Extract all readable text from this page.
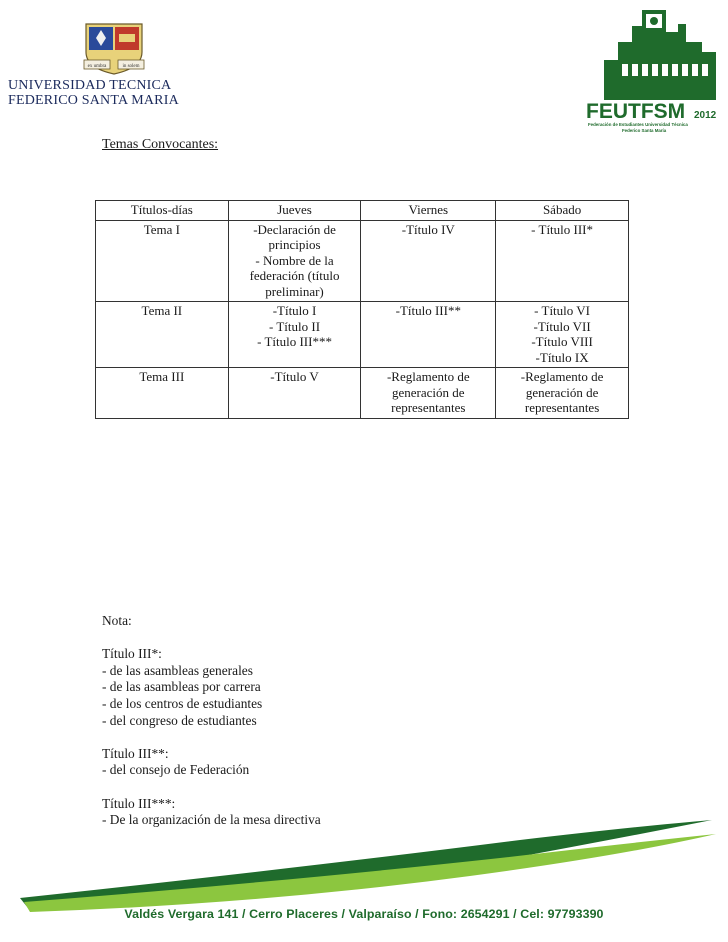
ex umbra	in solem
UNIVERSIDAD TECNICA
FEDERICO SANTA MARIA	FEUTFSM 2012
Federación de Estudiantes Universidad Técnica
Federico Santa María
Temas Convocantes:
Títulos-días	Jueves	Viernes	Sábado
Tema I	-Declaración de
principios
- Nombre de la
federación (título
preliminar)	-Título IV	- Título III*

Tema II	-Título I
- Título II
- Título III***	-Título III**	- Título VI
-Título VII
-Título VIII
-Título IX

Tema III	-Título V	-Reglamento de
generación de
representantes	-Reglamento de
generación de
representantes
Nota:
Título III*:
- de las asambleas generales
- de las asambleas por carrera
- de los centros de estudiantes
- del congreso de estudiantes
Título III**:
- del consejo de Federación
Título III***:
- De la organización de la mesa directiva
Valdés Vergara 141 / Cerro Placeres / Valparaíso / Fono: 2654291 / Cel: 97793390
